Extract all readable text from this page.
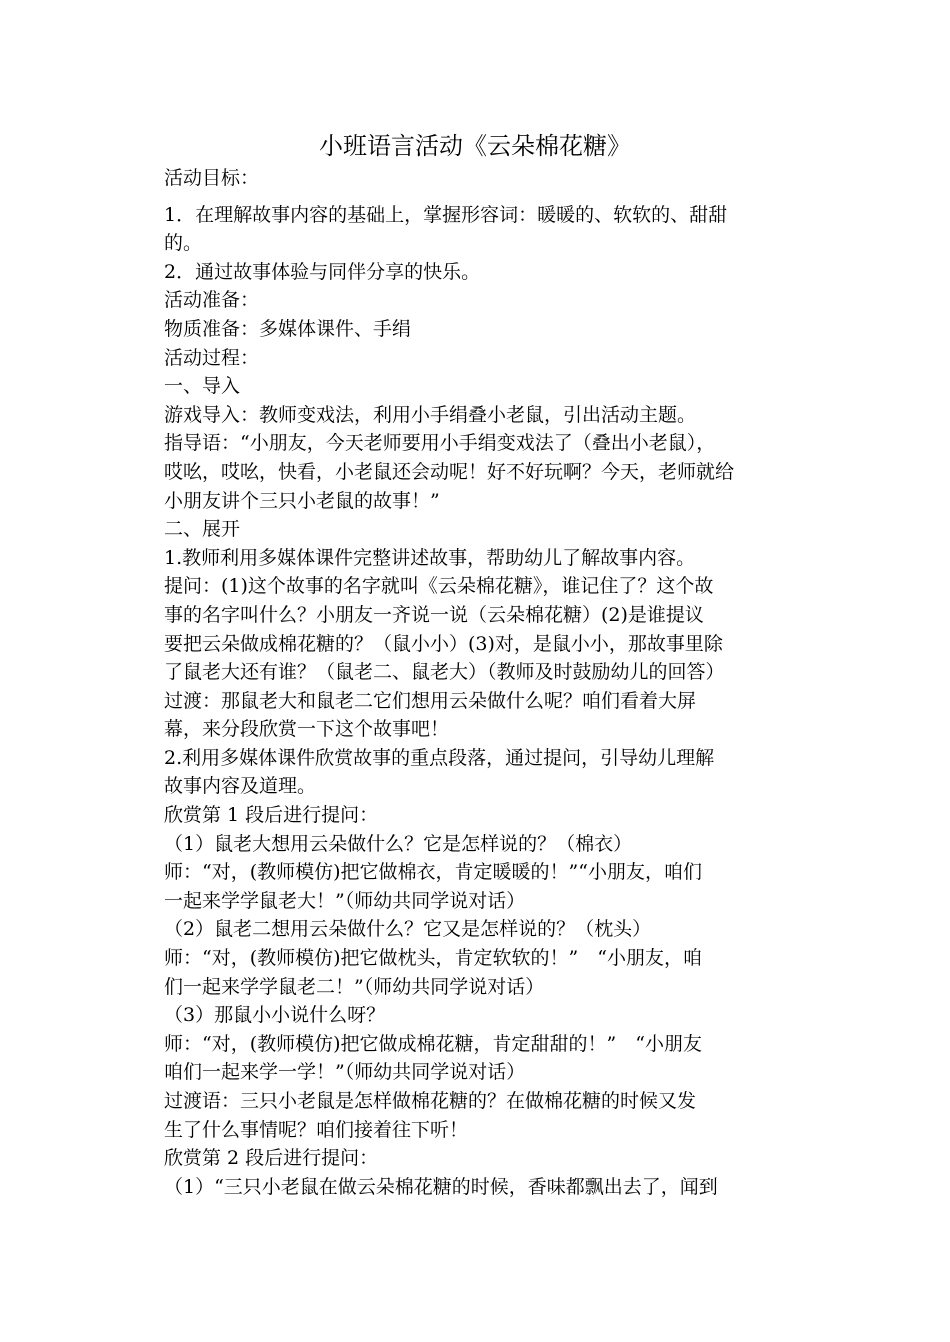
小班语言活动《云朵棉花糖》
活动目标：
1．在理解故事内容的基础上，掌握形容词：暖暖的、软软的、甜甜
的。
2．通过故事体验与同伴分享的快乐。
活动准备：
物质准备：多媒体课件、手绢
活动过程：
一、导入
游戏导入：教师变戏法，利用小手绢叠小老鼠，引出活动主题。
指导语：“小朋友，今天老师要用小手绢变戏法了（叠出小老鼠），
哎吆，哎吆，快看，小老鼠还会动呢！好不好玩啊？今天，老师就给
小朋友讲个三只小老鼠的故事！”
二、展开
1.教师利用多媒体课件完整讲述故事，帮助幼儿了解故事内容。
提问：(1)这个故事的名字就叫《云朵棉花糖》，谁记住了？这个故
事的名字叫什么？小朋友一齐说一说（云朵棉花糖）(2)是谁提议
要把云朵做成棉花糖的？（鼠小小）(3)对，是鼠小小，那故事里除
了鼠老大还有谁？（鼠老二、鼠老大）（教师及时鼓励幼儿的回答）
过渡：那鼠老大和鼠老二它们想用云朵做什么呢？咱们看着大屏
幕，来分段欣赏一下这个故事吧！
2.利用多媒体课件欣赏故事的重点段落，通过提问，引导幼儿理解
故事内容及道理。
欣赏第 1 段后进行提问：
（1）鼠老大想用云朵做什么？它是怎样说的？（棉衣）
师：“对，(教师模仿)把它做棉衣，肯定暖暖的！”“小朋友，咱们
一起来学学鼠老大！”（师幼共同学说对话）
（2）鼠老二想用云朵做什么？它又是怎样说的？（枕头）
师：“对，(教师模仿)把它做枕头，肯定软软的！”　“小朋友，咱
们一起来学学鼠老二！”（师幼共同学说对话）
（3）那鼠小小说什么呀？
师：“对，(教师模仿)把它做成棉花糖，肯定甜甜的！”　“小朋友
咱们一起来学一学！”（师幼共同学说对话）
过渡语：三只小老鼠是怎样做棉花糖的？在做棉花糖的时候又发
生了什么事情呢？咱们接着往下听！
欣赏第 2 段后进行提问：
（1）“三只小老鼠在做云朵棉花糖的时候，香味都飘出去了，闻到
